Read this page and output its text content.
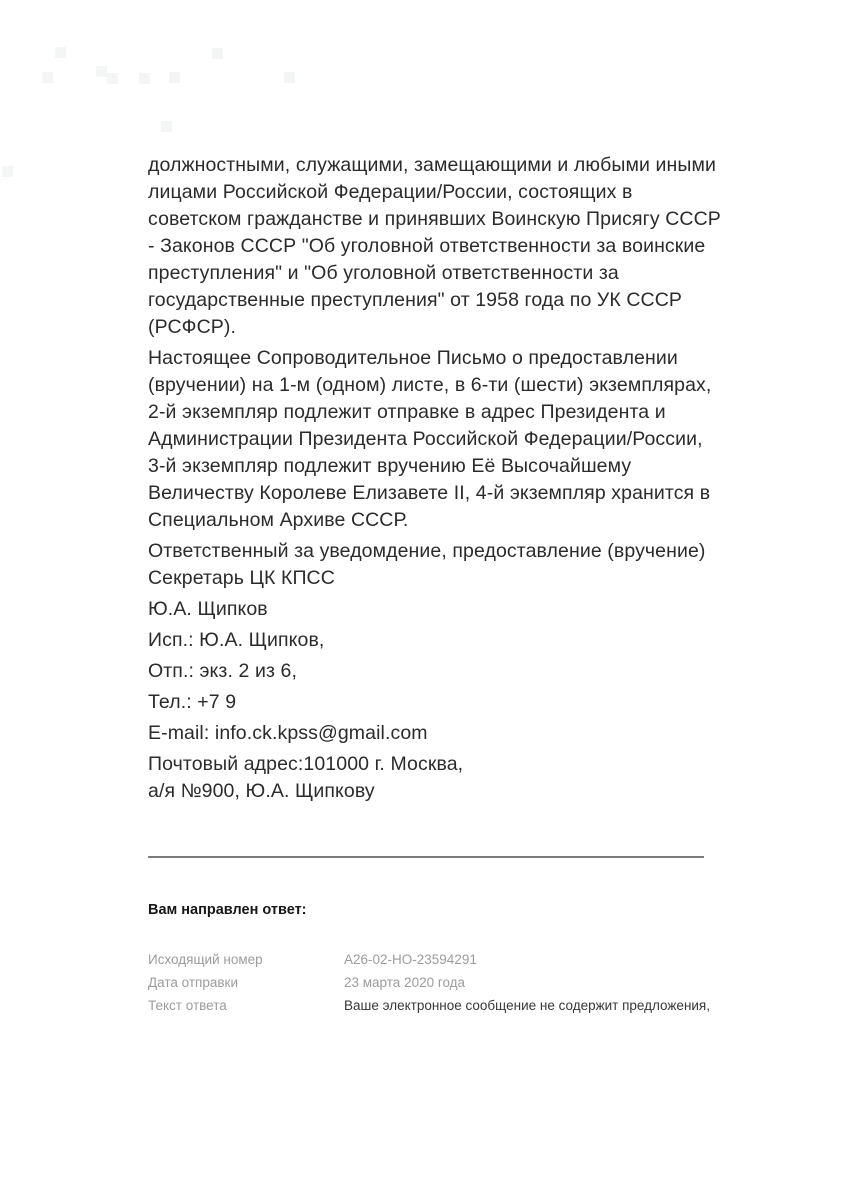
должностными, служащими, замещающими и любыми иными
лицами Российской Федерации/России, состоящих в
советском гражданстве и принявших Воинскую Присягу СССР
- Законов СССР "Об уголовной ответственности за воинские
преступления" и "Об уголовной ответственности за
государственные преступления" от 1958 года по УК СССР
(РСФСР).
Настоящее Сопроводительное Письмо о предоставлении
(вручении) на 1-м (одном) листе, в 6-ти (шести) экземплярах,
2-й экземпляр подлежит отправке в адрес Президента и
Администрации Президента Российской Федерации/России,
3-й экземпляр подлежит вручению Её Высочайшему
Величеству Королеве Елизавете II, 4-й экземпляр хранится в
Специальном Архиве СССР.
Ответственный за уведомдение, предоставление (вручение)
Секретарь ЦК КПСС
Ю.А. Щипков
Исп.: Ю.А. Щипков,
Отп.: экз. 2 из 6,
Тел.: +7 9
E-mail: info.ck.kpss@gmail.com
Почтовый адрес:101000 г. Москва,
а/я №900, Ю.А. Щипкову
Вам направлен ответ:
Исходящий номер	А26-02-НО-23594291
Дата отправки	23 марта 2020 года
Текст ответа	Ваше электронное сообщение не содержит предложения,
